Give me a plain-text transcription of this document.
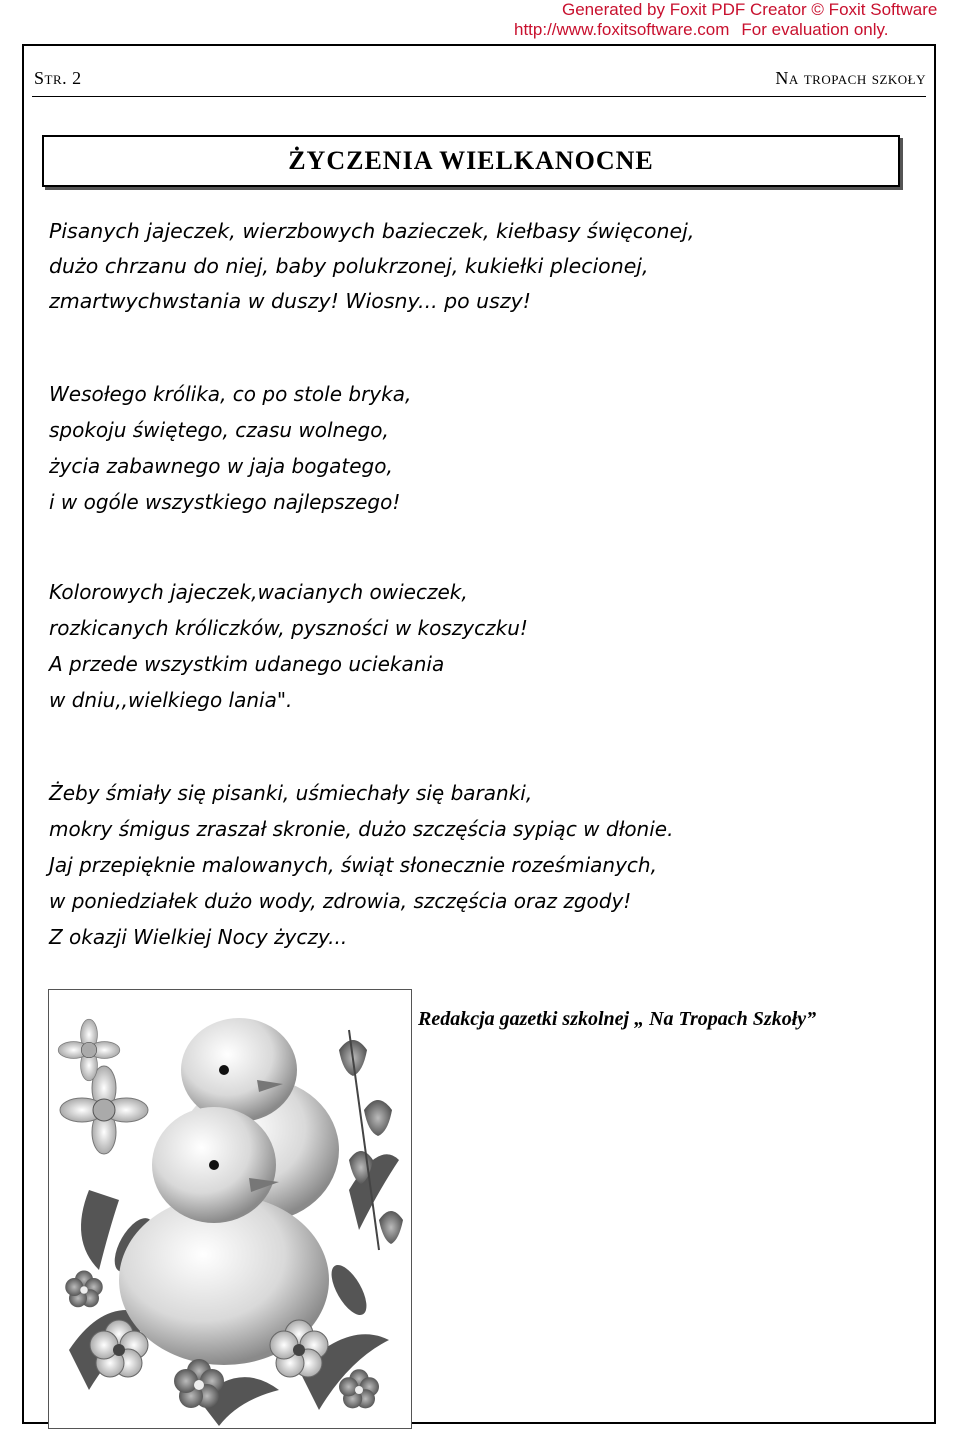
Generated by Foxit PDF Creator © Foxit Software
http://www.foxitsoftware.com For evaluation only.
Str. 2	Na tropach szkoły
ŻYCZENIA WIELKANOCNE
Pisanych jajeczek, wierzbowych bazieczek, kiełbasy święconej,
dużo chrzanu do niej, baby polukrzonej, kukiełki plecionej,
zmartwychwstania w duszy! Wiosny... po uszy!
Wesołego królika, co po stole bryka,
spokoju świętego, czasu wolnego,
życia zabawnego w jaja bogatego,
i w ogóle wszystkiego najlepszego!
Kolorowych jajeczek,wacianych owieczek,
rozkicanych króliczków, pyszności w koszyczku!
A przede wszystkim udanego uciekania
w dniu,,wielkiego lania".
Żeby śmiały się pisanki, uśmiechały się baranki,
mokry śmigus zraszał skronie, dużo szczęścia sypiąc w dłonie.
Jaj przepięknie malowanych, świąt słonecznie roześmianych,
w poniedziałek dużo wody, zdrowia, szczęścia oraz zgody!
Z okazji Wielkiej Nocy życzy...
Redakcja gazetki szkolnej „ Na Tropach Szkoły”
